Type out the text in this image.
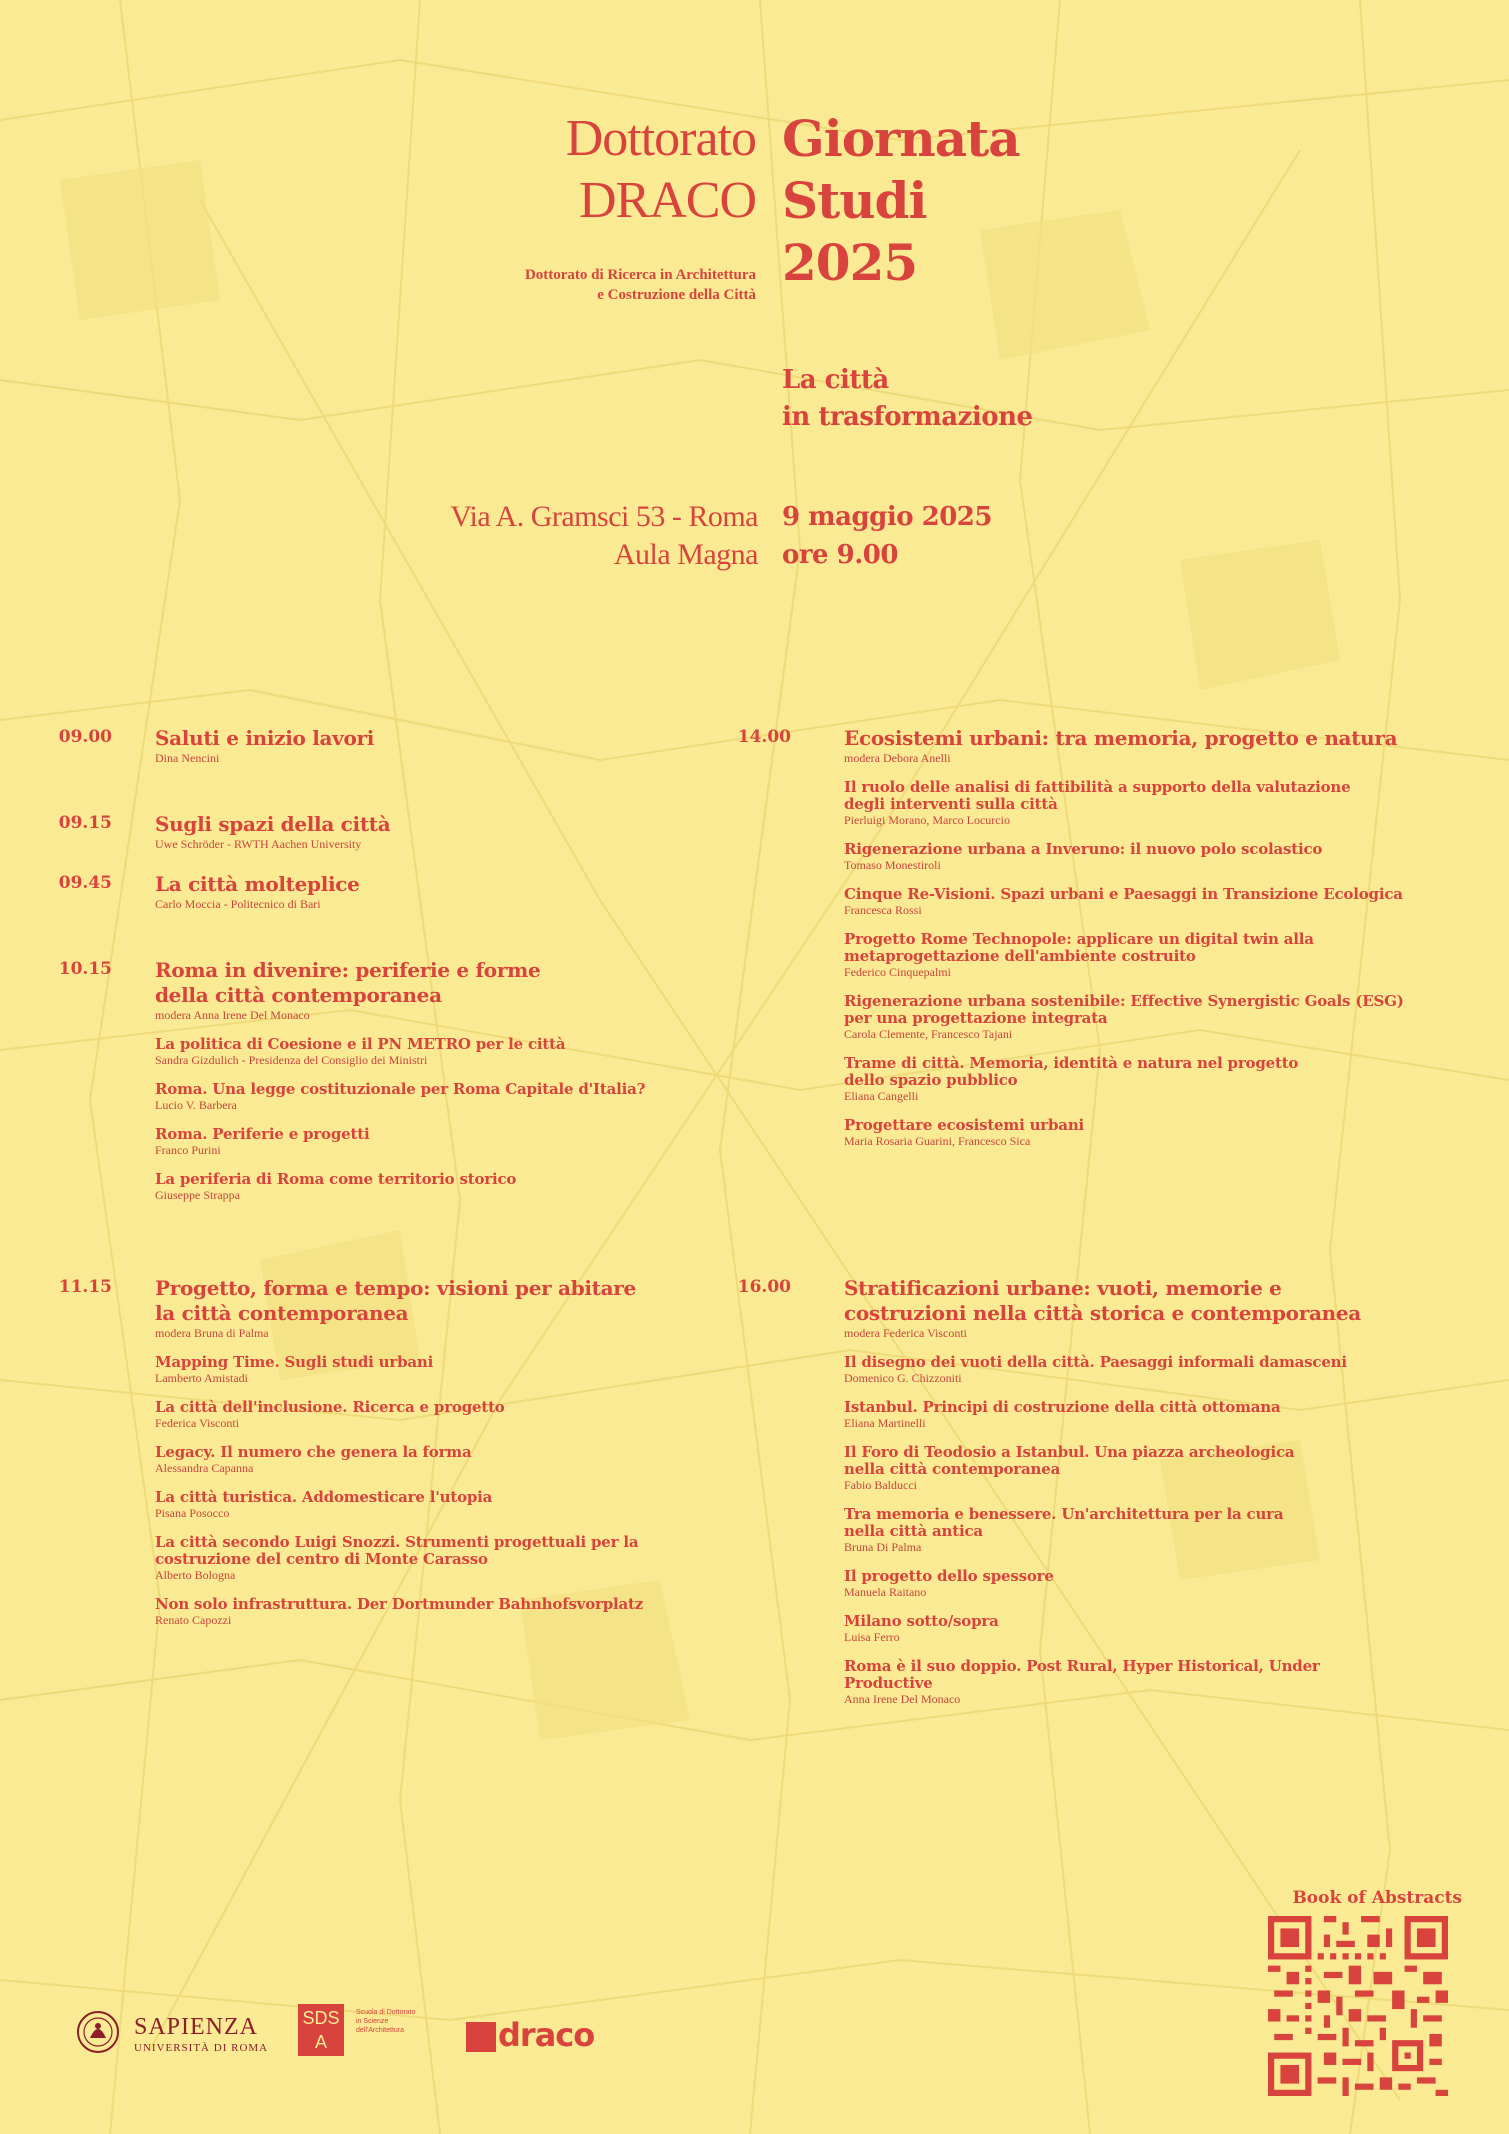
Dottorato
DRACO
Dottorato di Ricerca in Architettura
e Costruzione della Città
Giornata
Studi
2025
La città
in trasformazione
Via A. Gramsci 53 - Roma
Aula Magna
9 maggio 2025
ore 9.00
09.00 Saluti e inizio lavori
Dina Nencini
09.15 Sugli spazi della città
Uwe Schröder - RWTH Aachen University
09.45 La città molteplice
Carlo Moccia - Politecnico di Bari
10.15 Roma in divenire: periferie e forme
della città contemporanea
modera Anna Irene Del Monaco
La politica di Coesione e il PN METRO per le città
Sandra Gizdulich - Presidenza del Consiglio dei Ministri
Roma. Una legge costituzionale per Roma Capitale d'Italia?
Lucio V. Barbera
Roma. Periferie e progetti
Franco Purini
La periferia di Roma come territorio storico
Giuseppe Strappa
11.15 Progetto, forma e tempo: visioni per abitare
la città contemporanea
modera Bruna di Palma
Mapping Time. Sugli studi urbani
Lamberto Amistadi
La città dell'inclusione. Ricerca e progetto
Federica Visconti
Legacy. Il numero che genera la forma
Alessandra Capanna
La città turistica. Addomesticare l'utopia
Pisana Posocco
La città secondo Luigi Snozzi. Strumenti progettuali per la
costruzione del centro di Monte Carasso
Alberto Bologna
Non solo infrastruttura. Der Dortmunder Bahnhofsvorplatz
Renato Capozzi
14.00	Ecosistemi urbani: tra memoria, progetto e natura
modera Debora Anelli
Il ruolo delle analisi di fattibilità a supporto della valutazione
degli interventi sulla città
Pierluigi Morano, Marco Locurcio
Rigenerazione urbana a Inveruno: il nuovo polo scolastico
Tomaso Monestiroli
Cinque Re-Visioni. Spazi urbani e Paesaggi in Transizione Ecologica
Francesca Rossi
Progetto Rome Technopole: applicare un digital twin alla
metaprogettazione dell'ambiente costruito
Federico Cinquepalmi
Rigenerazione urbana sostenibile: Effective Synergistic Goals (ESG)
per una progettazione integrata
Carola Clemente, Francesco Tajani
Trame di città. Memoria, identità e natura nel progetto
dello spazio pubblico
Eliana Cangelli
Progettare ecosistemi urbani
Maria Rosaria Guarini, Francesco Sica
16.00	Stratificazioni urbane: vuoti, memorie e
costruzioni nella città storica e contemporanea
modera Federica Visconti
Il disegno dei vuoti della città. Paesaggi informali damasceni
Domenico G. Chizzoniti
Istanbul. Principi di costruzione della città ottomana
Eliana Martinelli
Il Foro di Teodosio a Istanbul. Una piazza archeologica
nella città contemporanea
Fabio Balducci
Tra memoria e benessere. Un'architettura per la cura
nella città antica
Bruna Di Palma
Il progetto dello spessore
Manuela Raitano
Milano sotto/sopra
Luisa Ferro
Roma è il suo doppio. Post Rural, Hyper Historical, Under Productive
Anna Irene Del Monaco
Book of Abstracts
SAPIENZA
UNIVERSITÀ DI ROMA
SDSA
Scuola di Dottorato in Scienze dell'Architettura	draco
